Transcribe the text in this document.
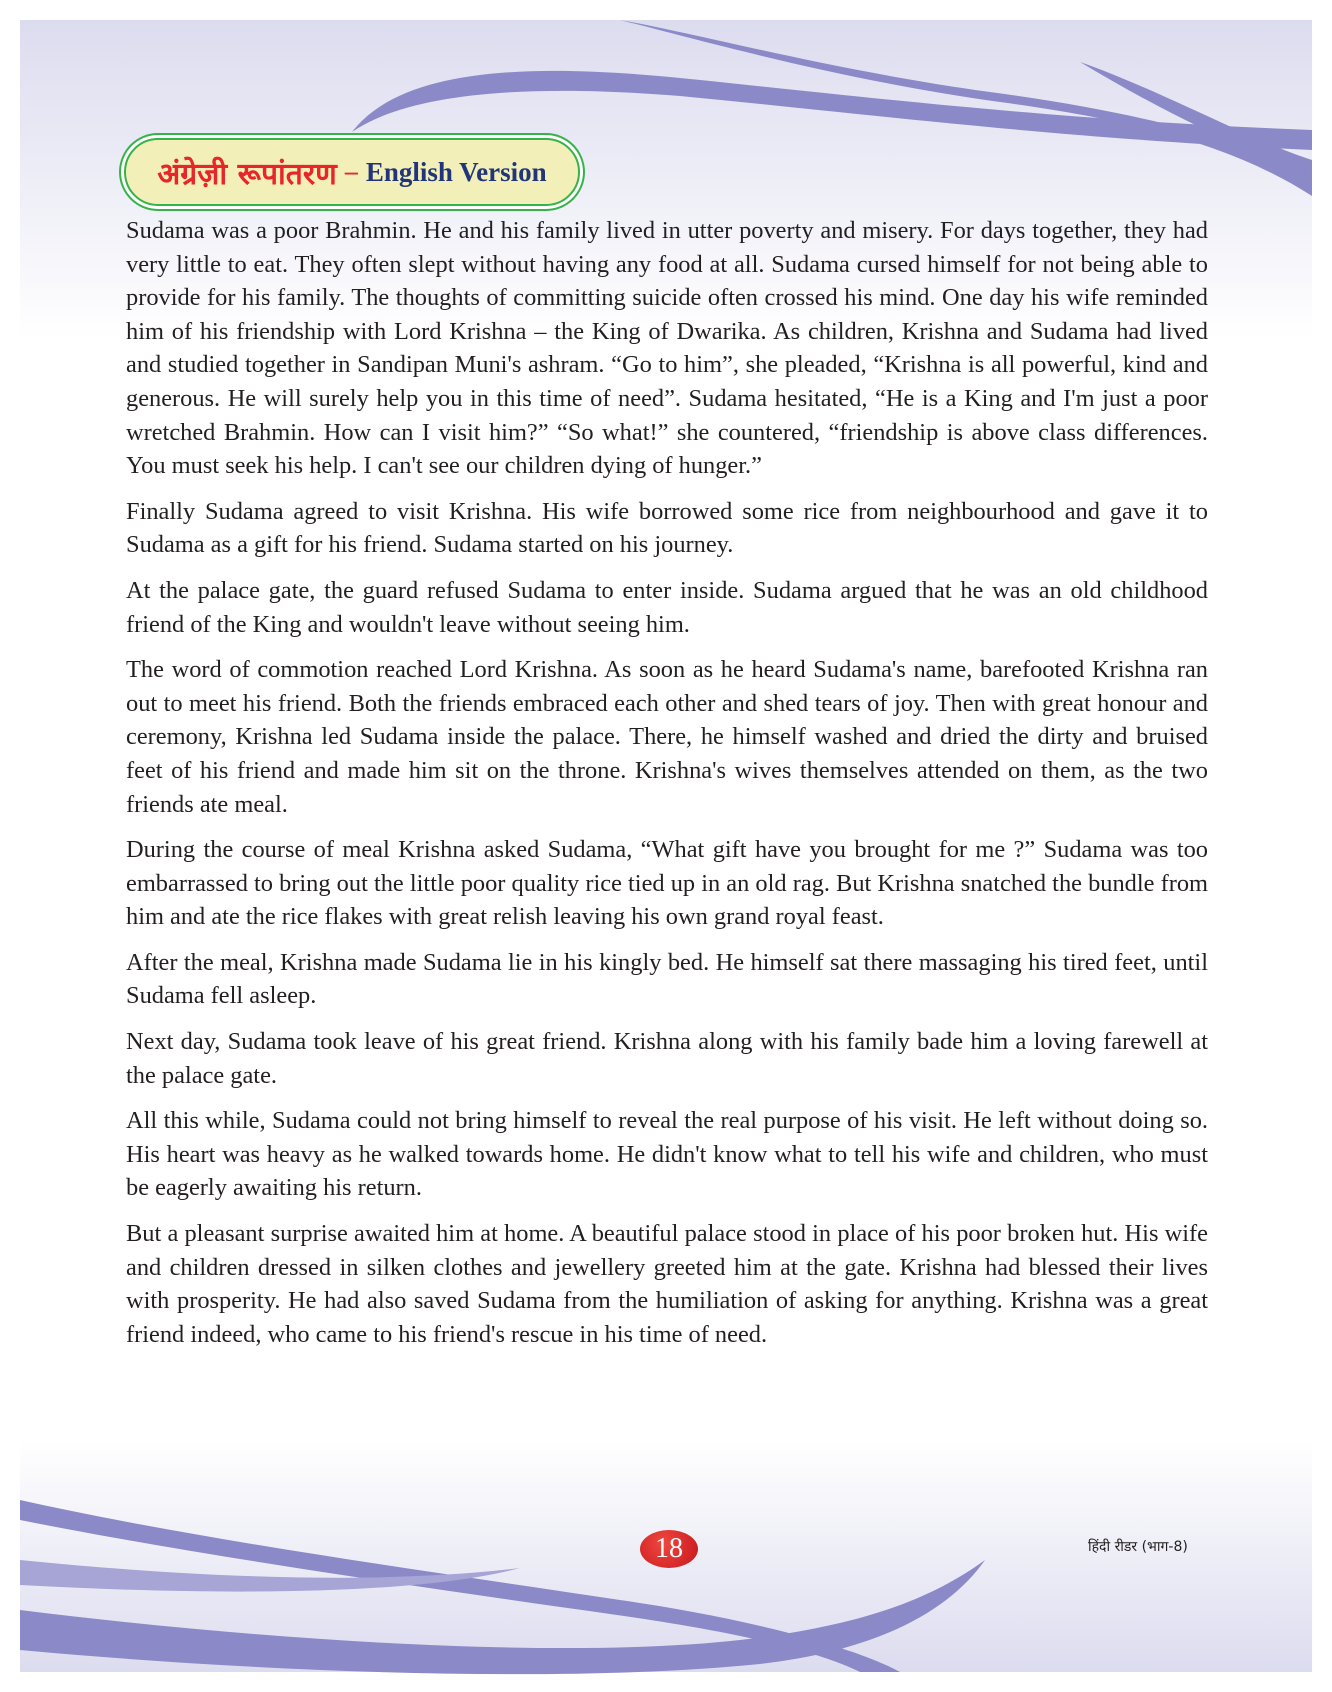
अंग्रेज़ी रूपांतरण – English Version

Sudama was a poor Brahmin. He and his family lived in utter poverty and misery. For days together, they had very little to eat. They often slept without having any food at all. Sudama cursed himself for not being able to provide for his family. The thoughts of committing suicide often crossed his mind. One day his wife reminded him of his friendship with Lord Krishna – the King of Dwarika. As children, Krishna and Sudama had lived and studied together in Sandipan Muni's ashram. “Go to him”, she pleaded, “Krishna is all powerful, kind and generous. He will surely help you in this time of need”. Sudama hesitated, “He is a King and I'm just a poor wretched Brahmin. How can I visit him?” “So what!” she countered, “friendship is above class differences. You must seek his help. I can't see our children dying of hunger.”

Finally Sudama agreed to visit Krishna. His wife borrowed some rice from neighbourhood and gave it to Sudama as a gift for his friend. Sudama started on his journey.

At the palace gate, the guard refused Sudama to enter inside. Sudama argued that he was an old childhood friend of the King and wouldn't leave without seeing him.

The word of commotion reached Lord Krishna. As soon as he heard Sudama's name, barefooted Krishna ran out to meet his friend. Both the friends embraced each other and shed tears of joy. Then with great honour and ceremony, Krishna led Sudama inside the palace. There, he himself washed and dried the dirty and bruised feet of his friend and made him sit on the throne. Krishna's wives themselves attended on them, as the two friends ate meal.

During the course of meal Krishna asked Sudama, “What gift have you brought for me ?” Sudama was too embarrassed to bring out the little poor quality rice tied up in an old rag. But Krishna snatched the bundle from him and ate the rice flakes with great relish leaving his own grand royal feast.

After the meal, Krishna made Sudama lie in his kingly bed. He himself sat there massaging his tired feet, until Sudama fell asleep.

Next day, Sudama took leave of his great friend. Krishna along with his family bade him a loving farewell at the palace gate.

All this while, Sudama could not bring himself to reveal the real purpose of his visit. He left without doing so. His heart was heavy as he walked towards home. He didn't know what to tell his wife and children, who must be eagerly awaiting his return.

But a pleasant surprise awaited him at home. A beautiful palace stood in place of his poor broken hut. His wife and children dressed in silken clothes and jewellery greeted him at the gate. Krishna had blessed their lives with prosperity. He had also saved Sudama from the humiliation of asking for anything. Krishna was a great friend indeed, who came to his friend's rescue in his time of need.

18	हिंदी रीडर (भाग-8)
